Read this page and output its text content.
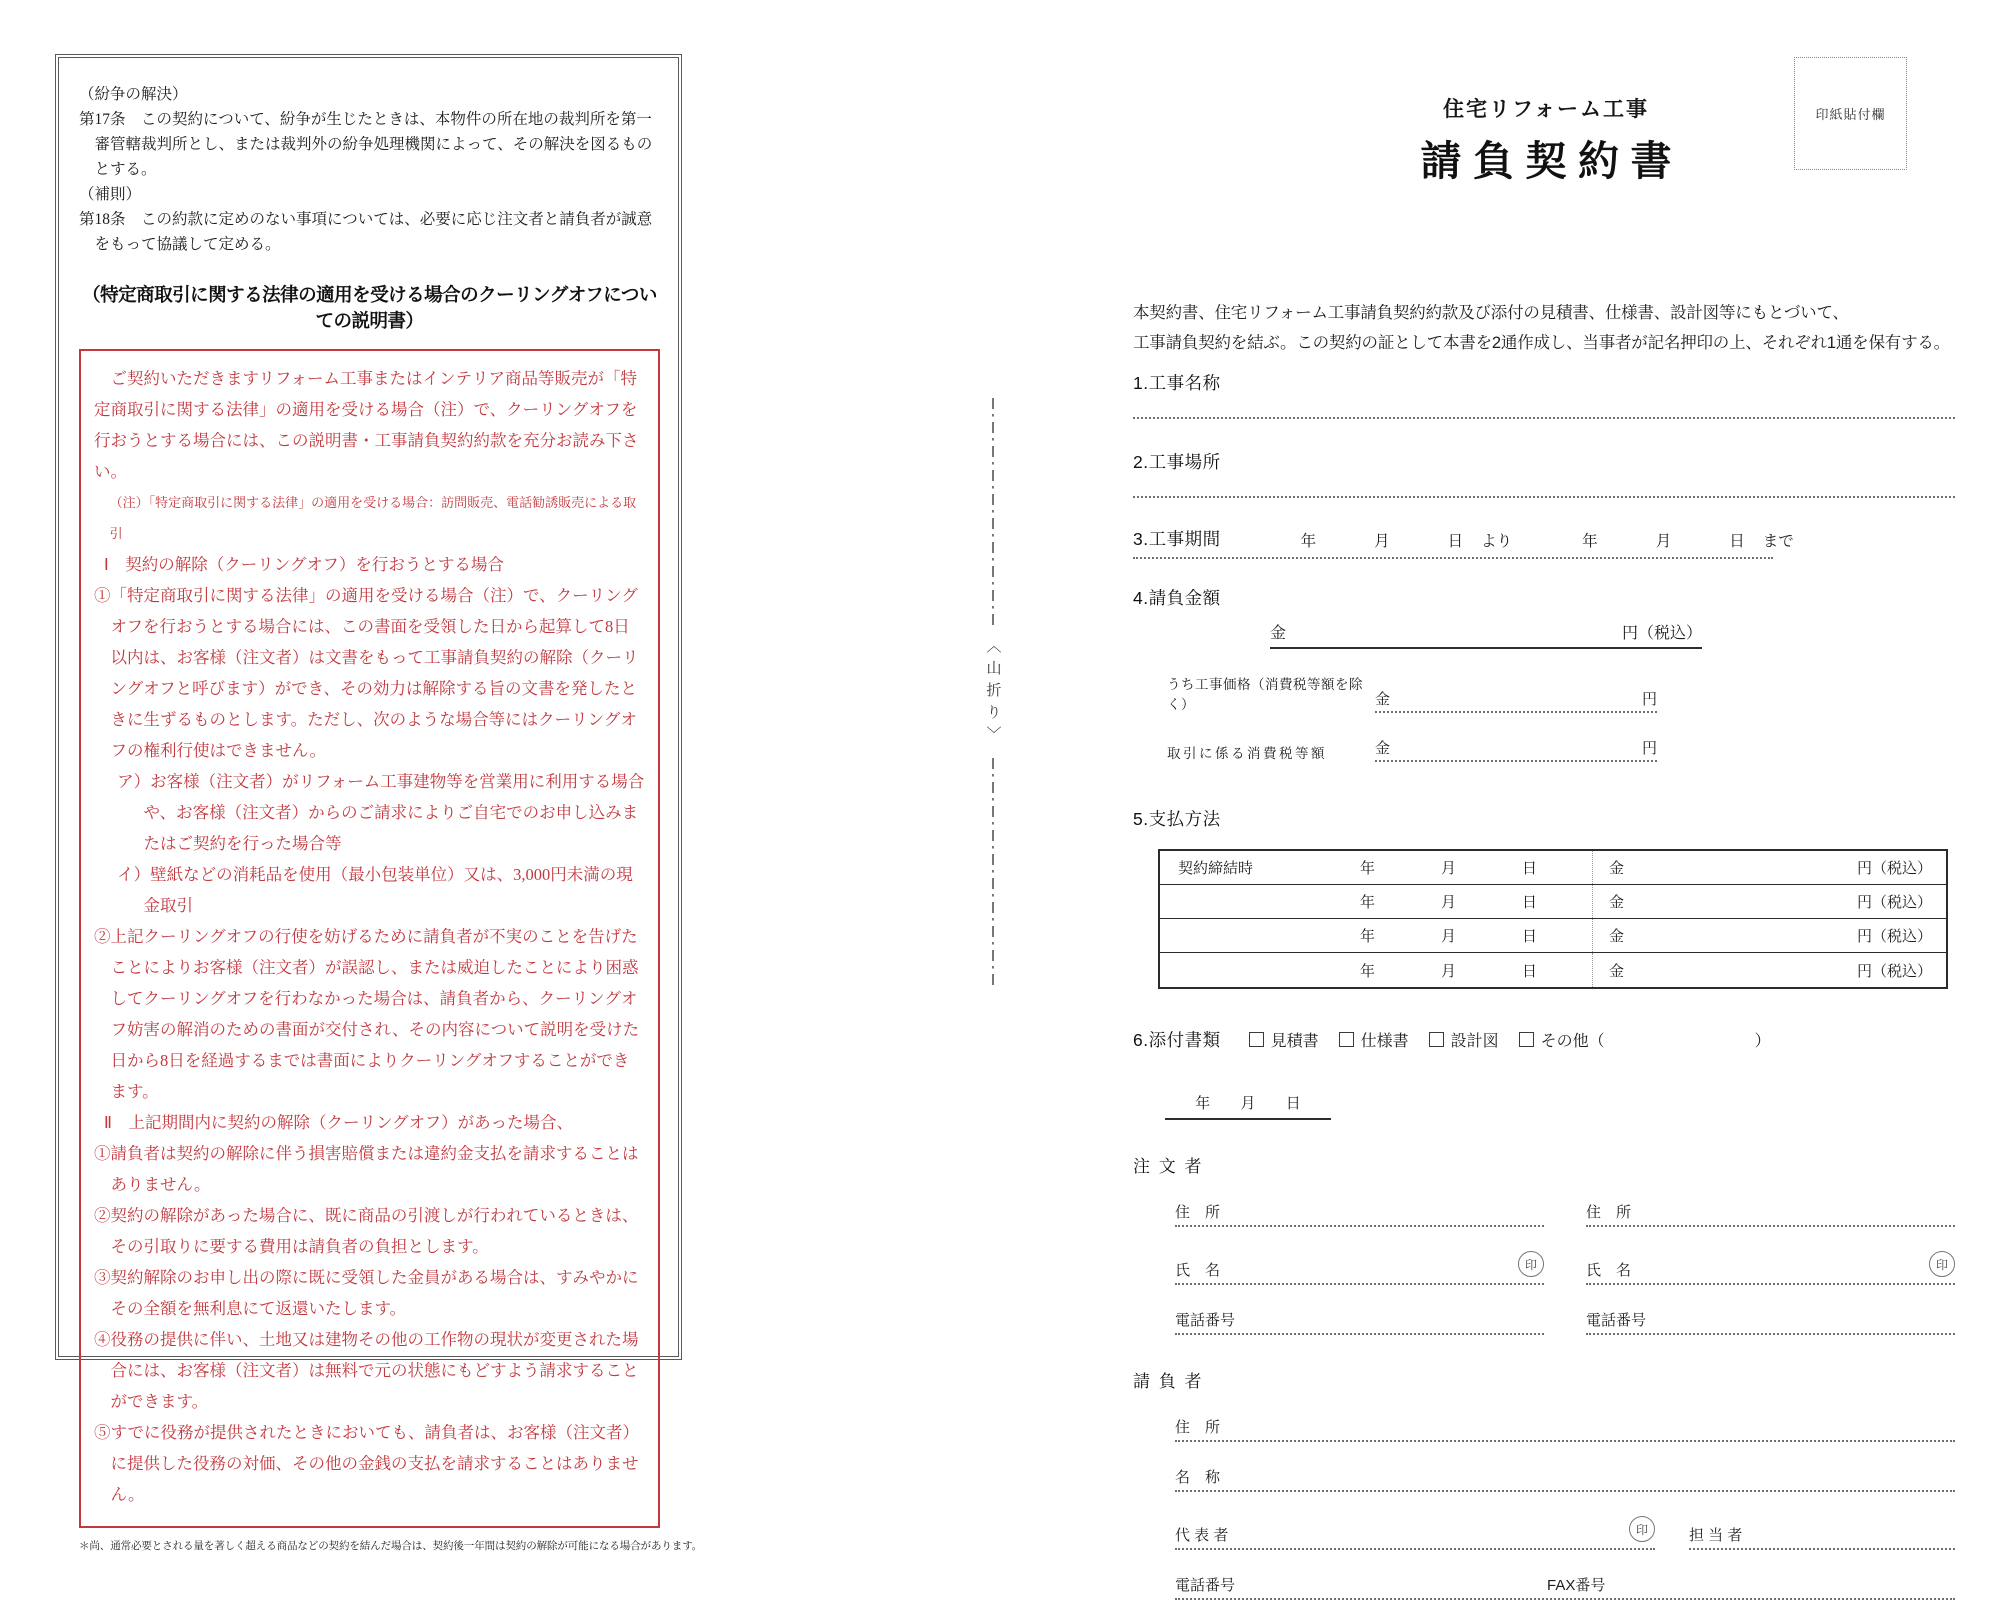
（紛争の解決）

第17条　この契約について、紛争が生じたときは、本物件の所在地の裁判所を第一審管轄裁判所とし、または裁判外の紛争処理機関によって、その解決を図るものとする。

（補則）

第18条　この約款に定めのない事項については、必要に応じ注文者と請負者が誠意をもって協議して定める。

（特定商取引に関する法律の適用を受ける場合のクーリングオフについての説明書）

ご契約いただきますリフォーム工事またはインテリア商品等販売が「特定商取引に関する法律」の適用を受ける場合（注）で、クーリングオフを行おうとする場合には、この説明書・工事請負契約約款を充分お読み下さい。

（注）「特定商取引に関する法律」の適用を受ける場合：訪問販売、電話勧誘販売による取引

Ⅰ　契約の解除（クーリングオフ）を行おうとする場合

①「特定商取引に関する法律」の適用を受ける場合（注）で、クーリングオフを行おうとする場合には、この書面を受領した日から起算して8日以内は、お客様（注文者）は文書をもって工事請負契約の解除（クーリングオフと呼びます）ができ、その効力は解除する旨の文書を発したときに生ずるものとします。ただし、次のような場合等にはクーリングオフの権利行使はできません。

ア）お客様（注文者）がリフォーム工事建物等を営業用に利用する場合や、お客様（注文者）からのご請求によりご自宅でのお申し込みまたはご契約を行った場合等

イ）壁紙などの消耗品を使用（最小包装単位）又は、3,000円未満の現金取引

②上記クーリングオフの行使を妨げるために請負者が不実のことを告げたことによりお客様（注文者）が誤認し、または威迫したことにより困惑してクーリングオフを行わなかった場合は、請負者から、クーリングオフ妨害の解消のための書面が交付され、その内容について説明を受けた日から8日を経過するまでは書面によりクーリングオフすることができます。

Ⅱ　上記期間内に契約の解除（クーリングオフ）があった場合、

①請負者は契約の解除に伴う損害賠償または違約金支払を請求することはありません。

②契約の解除があった場合に、既に商品の引渡しが行われているときは、その引取りに要する費用は請負者の負担とします。

③契約解除のお申し出の際に既に受領した金員がある場合は、すみやかにその全額を無利息にて返還いたします。

④役務の提供に伴い、土地又は建物その他の工作物の現状が変更された場合には、お客様（注文者）は無料で元の状態にもどすよう請求することができます。

⑤すでに役務が提供されたときにおいても、請負者は、お客様（注文者）に提供した役務の対価、その他の金銭の支払を請求することはありません。

＊尚、通常必要とされる量を著しく超える商品などの契約を結んだ場合は、契約後一年間は契約の解除が可能になる場合があります。

〈山折り〉
住宅リフォーム工事
請負契約書
印紙貼付欄

本契約書、住宅リフォーム工事請負契約約款及び添付の見積書、仕様書、設計図等にもとづいて、

工事請負契約を結ぶ。この契約の証として本書を2通作成し、当事者が記名押印の上、それぞれ1通を保有する。

1.工事名称
2.工事場所
3.工事期間	年	月	日 より	年	月	日 まで
4.請負金額
金	円（税込）
うち工事価格（消費税等額を除く）	金	円
取引に係る消費税等額	金	円
5.支払方法
契約締結時	年	月	日	金	円（税込）
年	月	日	金	円（税込）
年	月	日	金	円（税込）
年	月	日	金	円（税込）
6.添付書類	見積書	仕様書	設計図	その他（	）
年 月 日
注 文 者
住　所
氏　名	印
電話番号
住　所
氏　名	印
電話番号
請 負 者
住　所
名　称
代 表 者	印	担 当 者
電話番号	FAX番号
